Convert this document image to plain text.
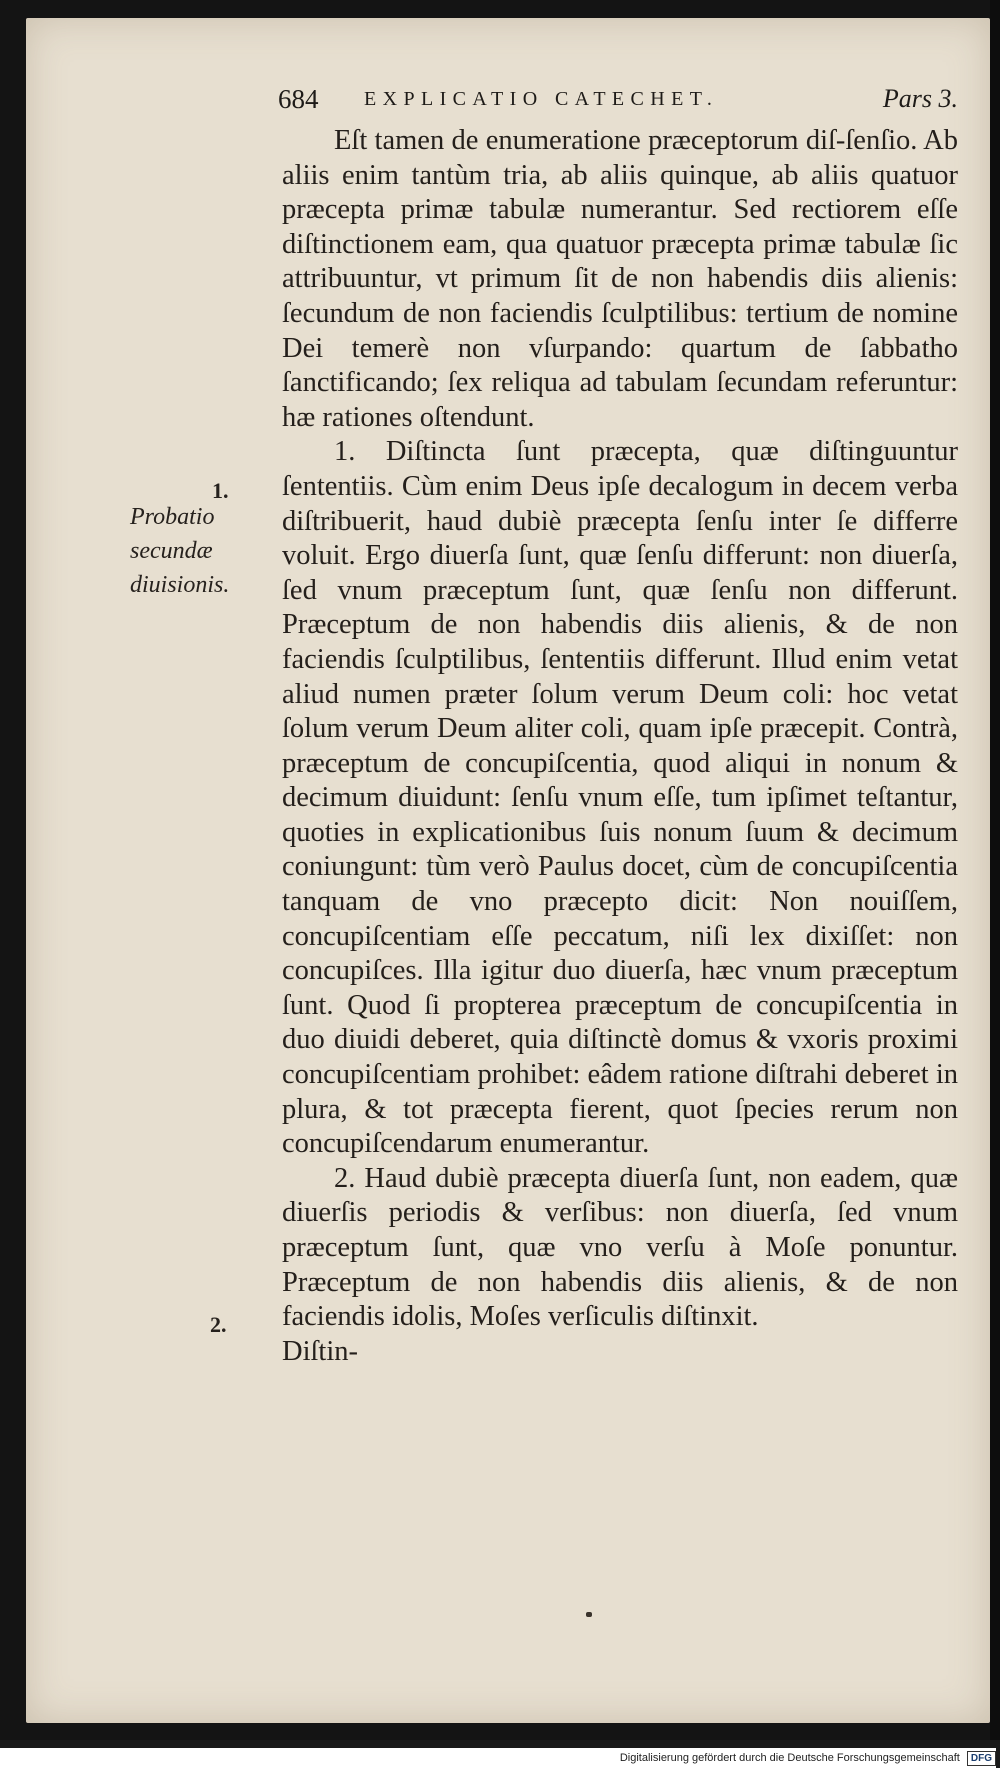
684 EXPLICATIO CATECHET.	Pars 3.
1.
Probatio
secundæ
diuisionis.
2.

Eſt tamen de enumeratione præceptorum diſ-ſenſio. Ab aliis enim tantùm tria, ab aliis quinque, ab aliis quatuor præcepta primæ tabulæ numerantur. Sed rectiorem eſſe diſtinctionem eam, qua quatuor præcepta primæ tabulæ ſic attribuuntur, vt primum ſit de non habendis diis alienis: ſecundum de non faciendis ſculptilibus: tertium de nomine Dei temerè non vſurpando: quartum de ſabbatho ſanctificando; ſex reliqua ad tabulam ſecundam referuntur: hæ rationes oſtendunt.

1. Diſtincta ſunt præcepta, quæ diſtinguuntur ſententiis. Cùm enim Deus ipſe decalogum in decem verba diſtribuerit, haud dubiè præcepta ſenſu inter ſe differre voluit. Ergo diuerſa ſunt, quæ ſenſu differunt: non diuerſa, ſed vnum præceptum ſunt, quæ ſenſu non differunt. Præceptum de non habendis diis alienis, & de non faciendis ſculptilibus, ſententiis differunt. Illud enim vetat aliud numen præter ſolum verum Deum coli: hoc vetat ſolum verum Deum aliter coli, quam ipſe præcepit. Contrà, præceptum de concupiſcentia, quod aliqui in nonum & decimum diuidunt: ſenſu vnum eſſe, tum ipſimet teſtantur, quoties in explicationibus ſuis nonum ſuum & decimum coniungunt: tùm verò Paulus docet, cùm de concupiſcentia tanquam de vno præcepto dicit: Non nouiſſem, concupiſcentiam eſſe peccatum, niſi lex dixiſſet: non concupiſces. Illa igitur duo diuerſa, hæc vnum præceptum ſunt. Quod ſi propterea præceptum de concupiſcentia in duo diuidi deberet, quia diſtinctè domus & vxoris proximi concupiſcentiam prohibet: eâdem ratione diſtrahi deberet in plura, & tot præcepta fierent, quot ſpecies rerum non concupiſcendarum enumerantur.

2. Haud dubiè præcepta diuerſa ſunt, non eadem, quæ diuerſis periodis & verſibus: non diuerſa, ſed vnum præceptum ſunt, quæ vno verſu à Moſe ponuntur. Præceptum de non habendis diis alienis, & de non faciendis idolis, Moſes verſiculis diſtinxit.

Diſtin-

Digitalisierung gefördert durch die Deutsche Forschungsgemeinschaft DFG
